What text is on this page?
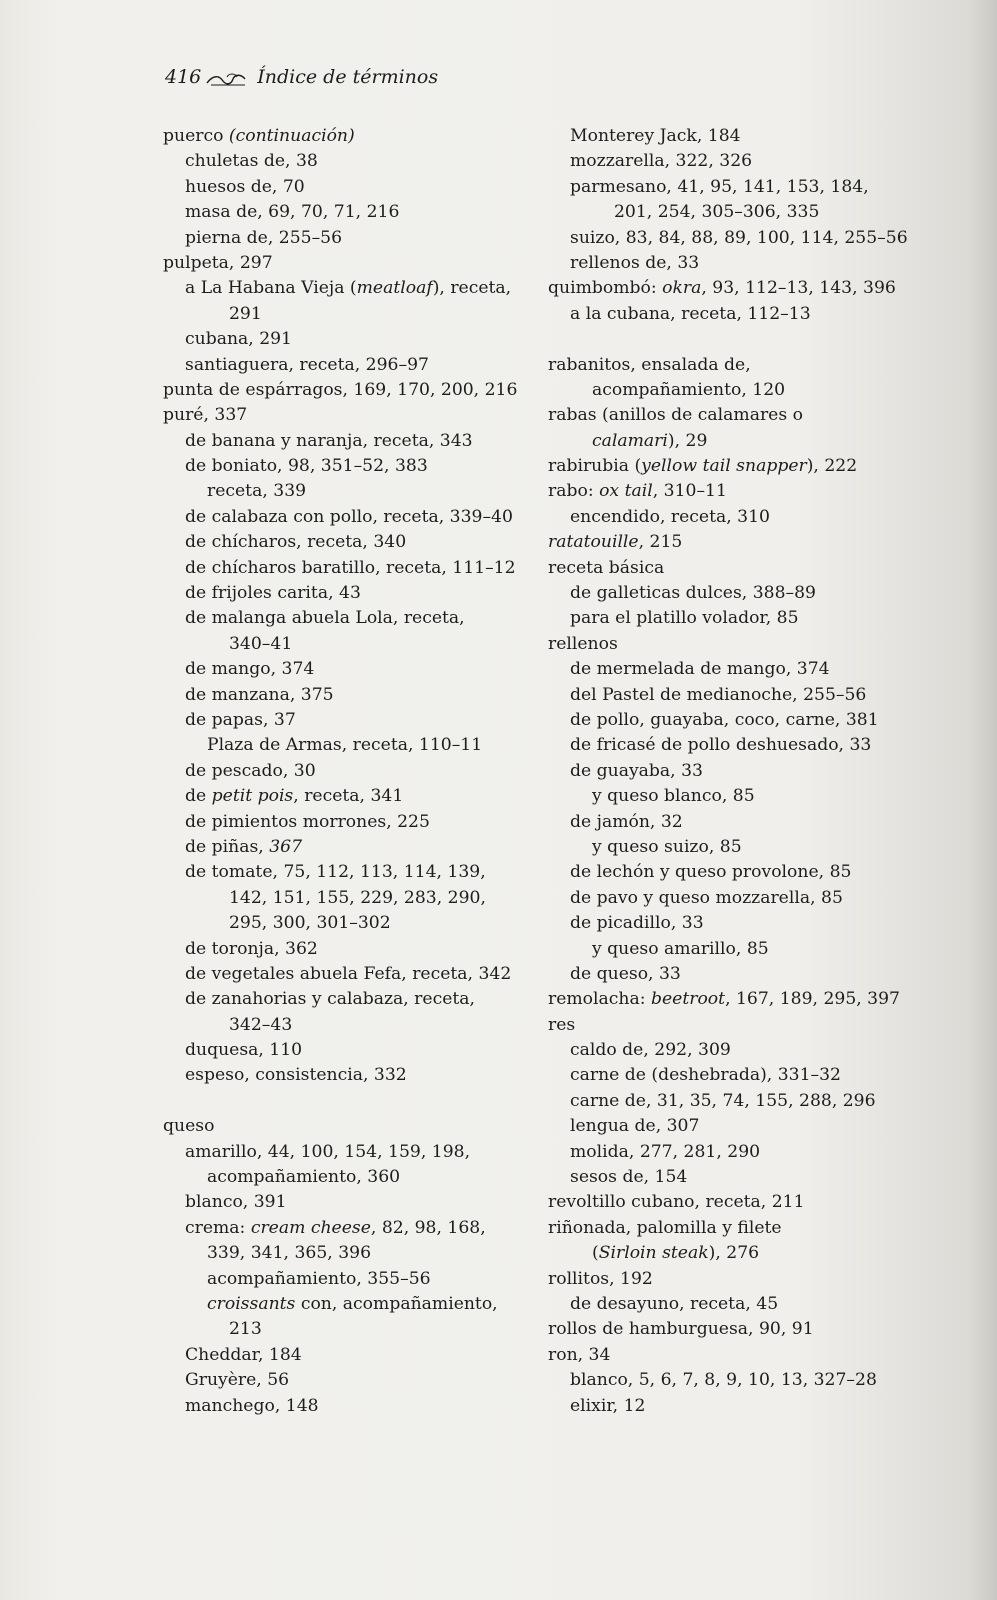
416	Índice de términos
puerco (continuación)
chuletas de, 38
huesos de, 70
masa de, 69, 70, 71, 216
pierna de, 255–56
pulpeta, 297
a La Habana Vieja (meatloaf), receta,
291
cubana, 291
santiaguera, receta, 296–97
punta de espárragos, 169, 170, 200, 216
puré, 337
de banana y naranja, receta, 343
de boniato, 98, 351–52, 383
receta, 339
de calabaza con pollo, receta, 339–40
de chícharos, receta, 340
de chícharos baratillo, receta, 111–12
de frijoles carita, 43
de malanga abuela Lola, receta,
340–41
de mango, 374
de manzana, 375
de papas, 37
Plaza de Armas, receta, 110–11
de pescado, 30
de petit pois, receta, 341
de pimientos morrones, 225
de piñas, 367
de tomate, 75, 112, 113, 114, 139,
142, 151, 155, 229, 283, 290,
295, 300, 301–302
de toronja, 362
de vegetales abuela Fefa, receta, 342
de zanahorias y calabaza, receta,
342–43
duquesa, 110
espeso, consistencia, 332
queso
amarillo, 44, 100, 154, 159, 198,
acompañamiento, 360
blanco, 391
crema: cream cheese, 82, 98, 168,
339, 341, 365, 396
acompañamiento, 355–56
croissants con, acompañamiento,
213
Cheddar, 184
Gruyère, 56
manchego, 148
Monterey Jack, 184
mozzarella, 322, 326
parmesano, 41, 95, 141, 153, 184,
201, 254, 305–306, 335
suizo, 83, 84, 88, 89, 100, 114, 255–56
rellenos de, 33
quimbombó: okra, 93, 112–13, 143, 396
a la cubana, receta, 112–13
rabanitos, ensalada de,
acompañamiento, 120
rabas (anillos de calamares o
calamari), 29
rabirubia (yellow tail snapper), 222
rabo: ox tail, 310–11
encendido, receta, 310
ratatouille, 215
receta básica
de galleticas dulces, 388–89
para el platillo volador, 85
rellenos
de mermelada de mango, 374
del Pastel de medianoche, 255–56
de pollo, guayaba, coco, carne, 381
de fricasé de pollo deshuesado, 33
de guayaba, 33
y queso blanco, 85
de jamón, 32
y queso suizo, 85
de lechón y queso provolone, 85
de pavo y queso mozzarella, 85
de picadillo, 33
y queso amarillo, 85
de queso, 33
remolacha: beetroot, 167, 189, 295, 397
res
caldo de, 292, 309
carne de (deshebrada), 331–32
carne de, 31, 35, 74, 155, 288, 296
lengua de, 307
molida, 277, 281, 290
sesos de, 154
revoltillo cubano, receta, 211
riñonada, palomilla y filete
(Sirloin steak), 276
rollitos, 192
de desayuno, receta, 45
rollos de hamburguesa, 90, 91
ron, 34
blanco, 5, 6, 7, 8, 9, 10, 13, 327–28
elixir, 12
